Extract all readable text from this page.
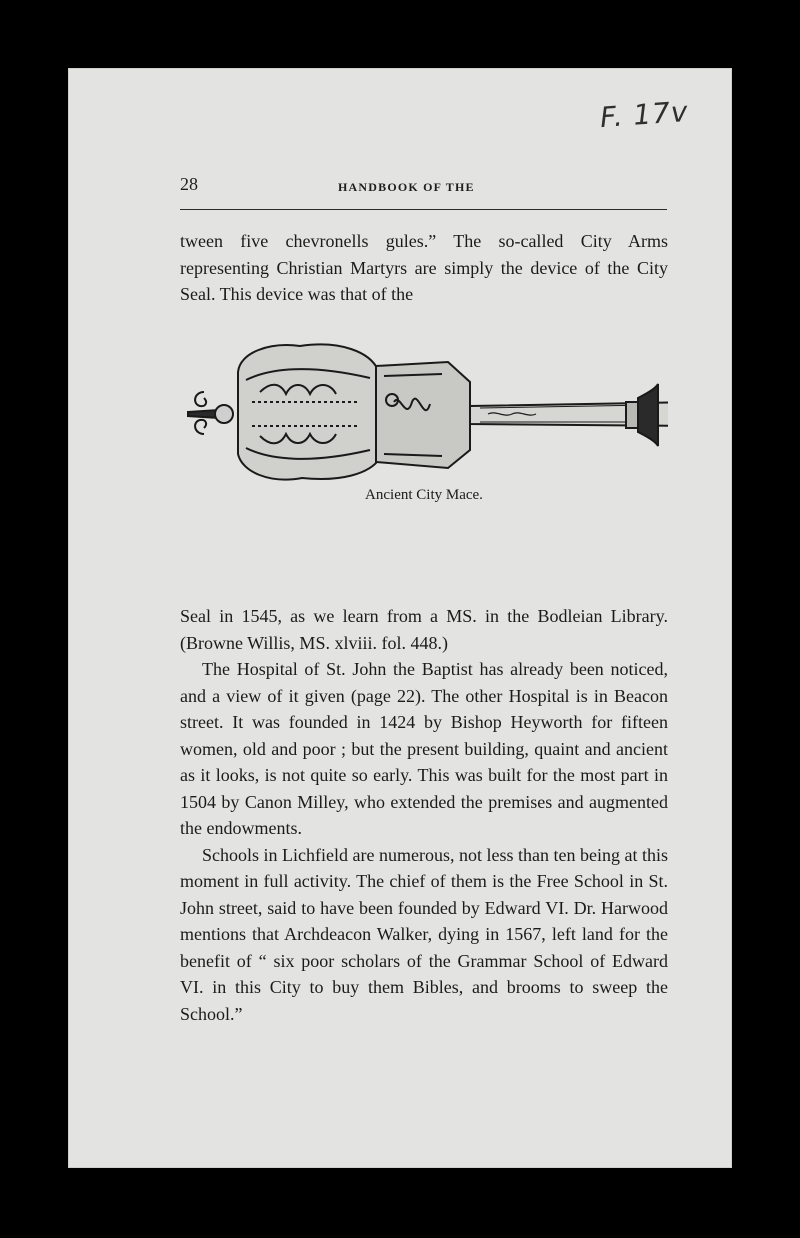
F. 17v
28	HANDBOOK OF THE

tween five chevronells gules.” The so-called City Arms representing Christian Martyrs are simply the device of the City Seal. This device was that of the

Ancient City Mace.

Seal in 1545, as we learn from a MS. in the Bodleian Library. (Browne Willis, MS. xlviii. fol. 448.)

The Hospital of St. John the Baptist has already been noticed, and a view of it given (page 22). The other Hospital is in Beacon street. It was founded in 1424 by Bishop Heyworth for fifteen women, old and poor ; but the present building, quaint and ancient as it looks, is not quite so early. This was built for the most part in 1504 by Canon Milley, who extended the premises and augmented the endowments.

Schools in Lichfield are numerous, not less than ten being at this moment in full activity. The chief of them is the Free School in St. John street, said to have been founded by Edward VI. Dr. Harwood mentions that Archdeacon Walker, dying in 1567, left land for the benefit of “ six poor scholars of the Grammar School of Edward VI. in this City to buy them Bibles, and brooms to sweep the School.”
